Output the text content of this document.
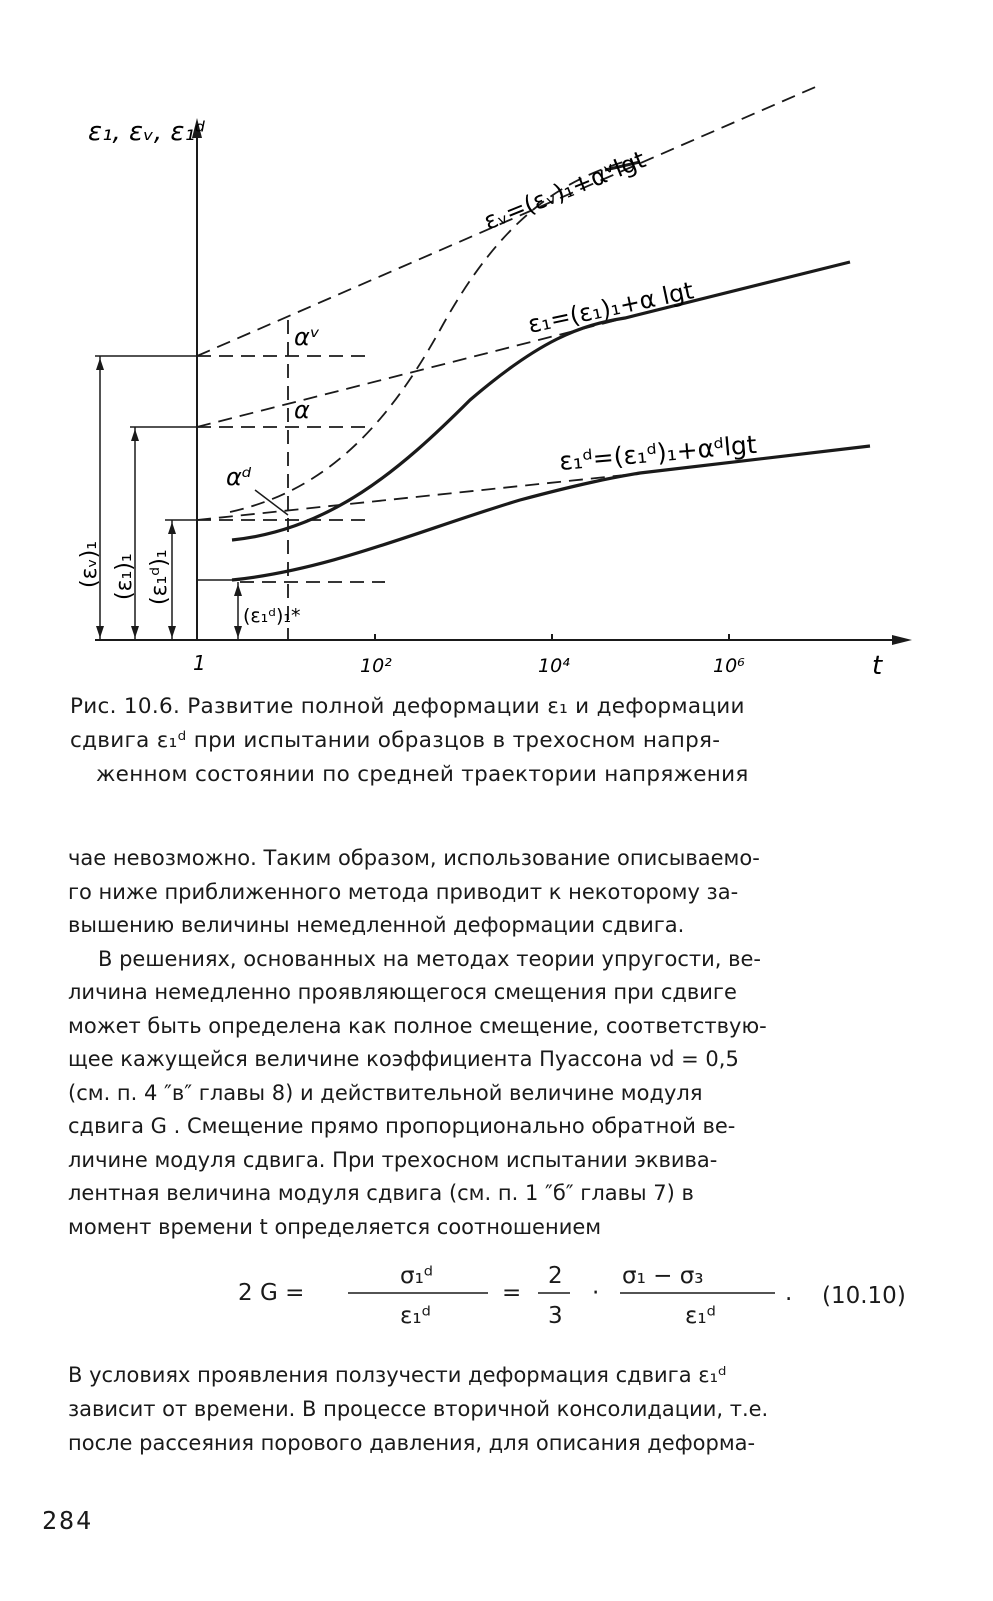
ε₁, εᵥ, ε₁ᵈ
t
1	10²	10⁴	10⁶
εᵥ=(εᵥ)₁+αᵛlgt
ε₁=(ε₁)₁+α lgt
ε₁ᵈ=(ε₁ᵈ)₁+αᵈlgt
αᵛ
α
αᵈ
(εᵥ)₁ (ε₁)₁ (ε₁ᵈ)₁
(ε₁ᵈ)₁*
Рис. 10.6. Развитие полной деформации ε₁ и деформации
сдвига ε₁ᵈ при испытании образцов в трехосном напря-
женном состоянии по средней траектории напряжения
чае невозможно. Таким образом, использование описываемо-
го ниже приближенного метода приводит к некоторому за-
вышению величины немедленной деформации сдвига.
В решениях, основанных на методах теории упругости, ве-
личина немедленно проявляющегося смещения при сдвиге
может быть определена как полное смещение, соответствую-
щее кажущейся величине коэффициента Пуассона νd = 0,5
(см. п. 4 ″в″ главы 8) и действительной величине модуля
сдвига G . Смещение прямо пропорционально обратной ве-
личине модуля сдвига. При трехосном испытании эквива-
лентная величина модуля сдвига (см. п. 1 ″б″ главы 7) в
момент времени t определяется соотношением
2 G =
σ₁ᵈ
ε₁ᵈ
=
2
3
·
σ₁ − σ₃
ε₁ᵈ
. (10.10)
В условиях проявления ползучести деформация сдвига ε₁ᵈ
зависит от времени. В процессе вторичной консолидации, т.е.
после рассеяния порового давления, для описания деформа-
284
